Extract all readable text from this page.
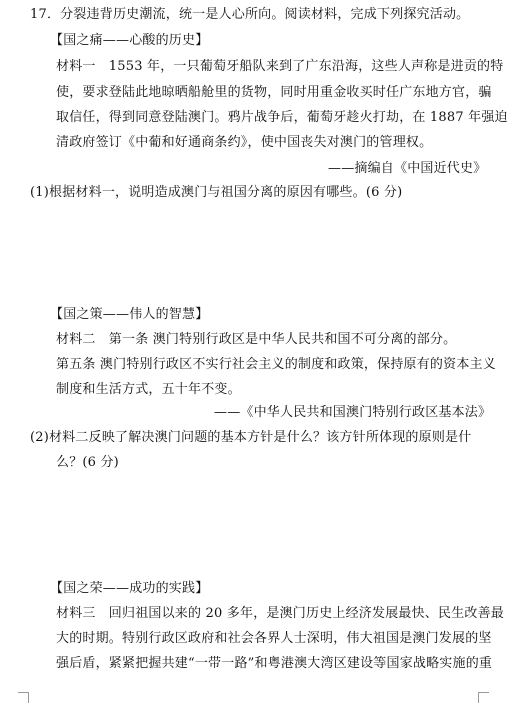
17．分裂违背历史潮流，统一是人心所向。阅读材料，完成下列探究活动。
【国之痛——心酸的历史】
材料一　1553 年，一只葡萄牙船队来到了广东沿海，这些人声称是进贡的特
使，要求登陆此地晾晒船舱里的货物，同时用重金收买时任广东地方官，骗
取信任，得到同意登陆澳门。鸦片战争后，葡萄牙趁火打劫，在 1887 年强迫
清政府签订《中葡和好通商条约》，使中国丧失对澳门的管理权。
——摘编自《中国近代史》
(1)根据材料一，说明造成澳门与祖国分离的原因有哪些。(6 分)
【国之策——伟人的智慧】
材料二　第一条 澳门特别行政区是中华人民共和国不可分离的部分。
第五条 澳门特别行政区不实行社会主义的制度和政策，保持原有的资本主义
制度和生活方式，五十年不变。
——《中华人民共和国澳门特别行政区基本法》
(2)材料二反映了解决澳门问题的基本方针是什么？该方针所体现的原则是什
么？(6 分)
【国之荣——成功的实践】
材料三　回归祖国以来的 20 多年，是澳门历史上经济发展最快、民生改善最
大的时期。特别行政区政府和社会各界人士深明，伟大祖国是澳门发展的坚
强后盾，紧紧把握共建“一带一路”和粤港澳大湾区建设等国家战略实施的重
